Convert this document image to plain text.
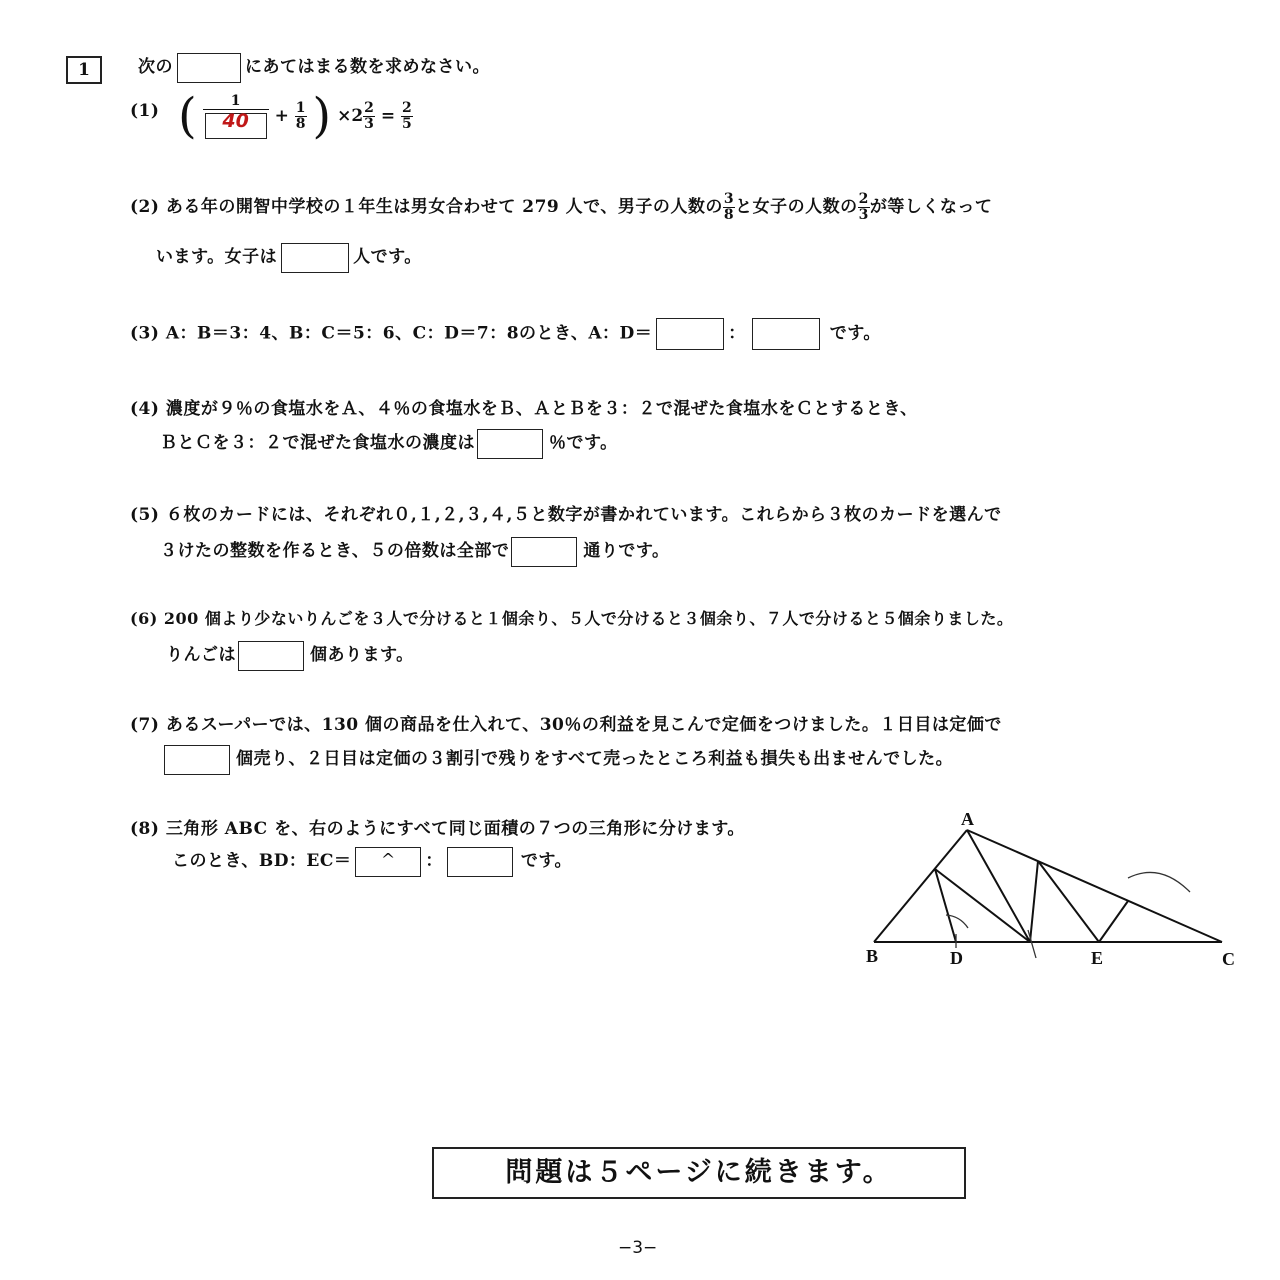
1	次の	にあてはまる数を求めなさい。
(1) ( $\frac{1}{40} + \frac{1}{8}$ ) $\times 2 \frac{2}{3} = \frac{2}{5}$
(2) ある年の開智中学校の１年生は男女合わせて 279 人で、男子の人数の $\frac{3}{8}$ と女子の人数の $\frac{2}{3}$ が等しくなって
います。女子は	人です。
(3) A：B＝3：4、B：C＝5：6、C：D＝7：8のとき、A：D＝	：	です。
(4) 濃度が９％の食塩水をＡ、４％の食塩水をＢ、ＡとＢを３：２で混ぜた食塩水をＣとするとき、
ＢとＣを３：２で混ぜた食塩水の濃度は	％です。
(5) ６枚のカードには、それぞれ０,１,２,３,４,５と数字が書かれています。これらから３枚のカードを選んで
３けたの整数を作るとき、５の倍数は全部で	通りです。
(6) 200 個より少ないりんごを３人で分けると１個余り、５人で分けると３個余り、７人で分けると５個余りました。
りんごは	個あります。
(7) あるスーパーでは、130 個の商品を仕入れて、30％の利益を見こんで定価をつけました。１日目は定価で
個売り、２日目は定価の３割引で残りをすべて売ったところ利益も損失も出ませんでした。
(8) 三角形 ABC を、右のようにすべて同じ面積の７つの三角形に分けます。
このとき、BD：EC＝ ^ ：	です。
A
B	D	E	C
問題は５ページに続きます。
−3−
